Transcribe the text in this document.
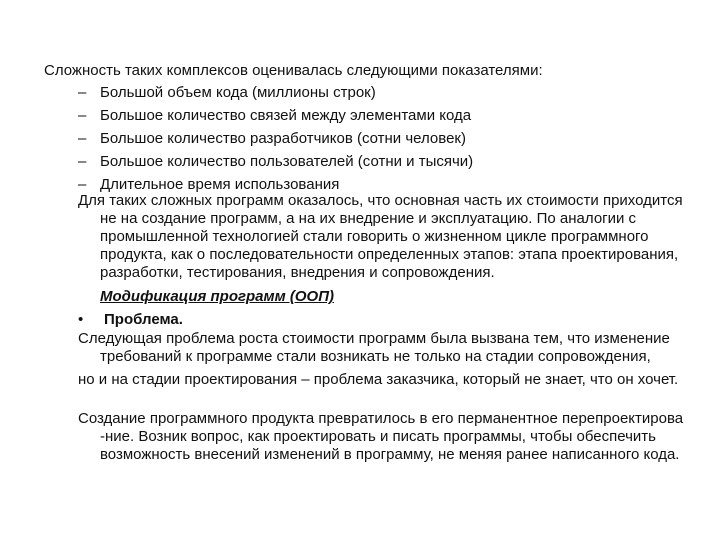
Сложность таких комплексов оценивалась следующими показателями:

– Большой объем кода (миллионы строк)
– Большое количество связей между элементами кода
– Большое количество разработчиков (сотни человек)
– Большое количество пользователей (сотни и тысячи)
– Длительное время использования

Для таких сложных программ оказалось, что основная часть их стоимости приходится не на создание программ, а на их внедрение и эксплуатацию. По аналогии с промышленной технологией стали говорить о жизненном цикле программного продукта, как о последовательности определенных этапов: этапа проектирования, разработки, тестирования, внедрения и сопровождения.

Модификация программ (ООП)

• Проблема.

Следующая проблема роста стоимости программ была вызвана тем, что изменение требований к программе стали возникать не только на стадии сопровождения,

но и на стадии проектирования – проблема заказчика, который не знает, что он хочет.

Создание программного продукта превратилось в его перманентное перепроектирова -ние. Возник вопрос, как проектировать и писать программы, чтобы обеспечить возможность внесений изменений в программу, не меняя ранее написанного кода.
